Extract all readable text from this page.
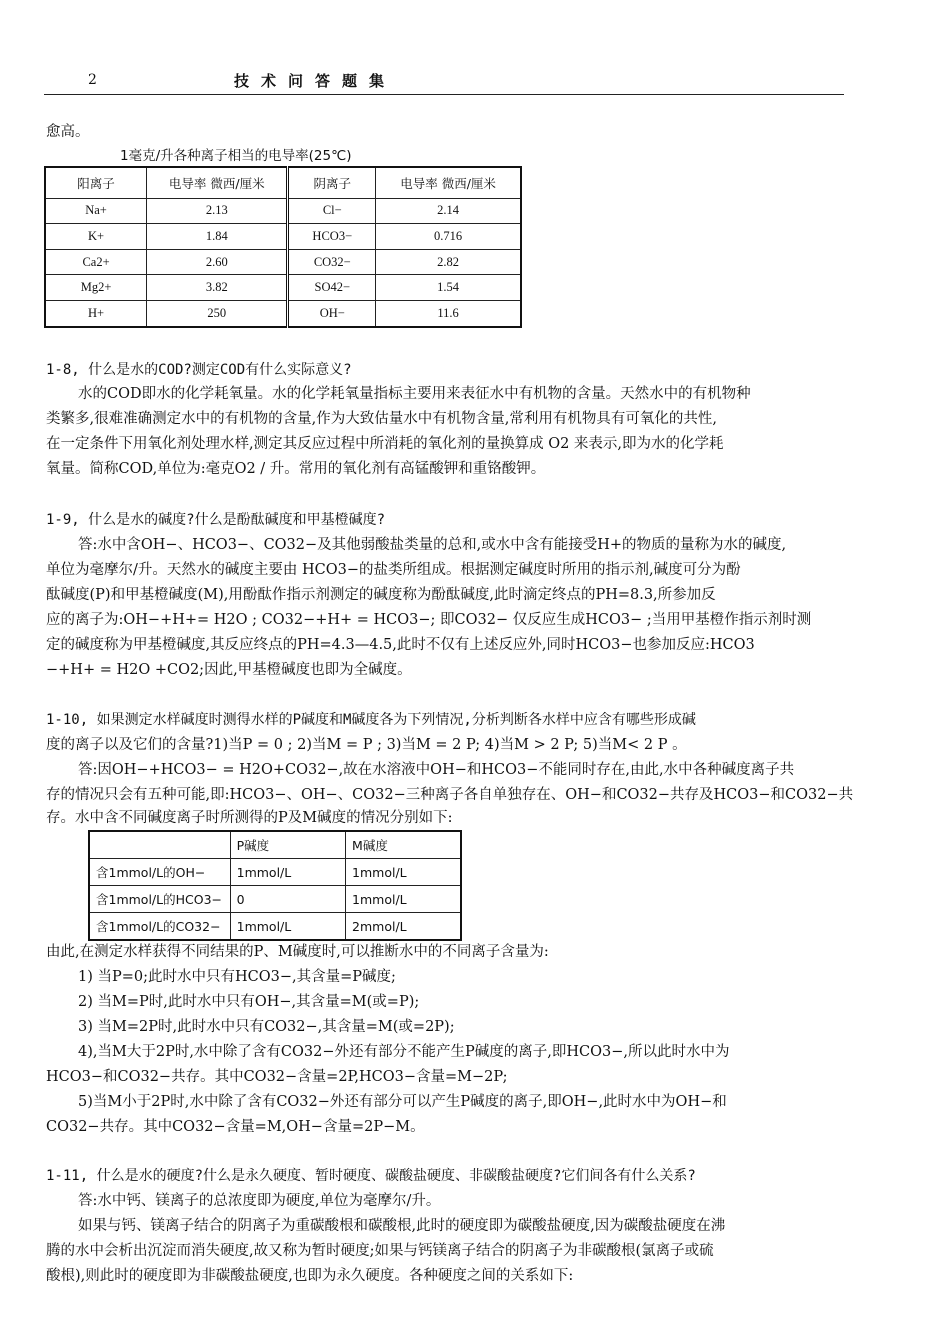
2	技术问答题集
愈高。
1毫克/升各种离子相当的电导率(25℃)
阳离子	电导率 微西/厘米	阴离子	电导率 微西/厘米
Na+	2.13	Cl−	2.14
K+	1.84	HCO3−	0.716
Ca2+	2.60	CO32−	2.82
Mg2+	3.82	SO42−	1.54
H+	250	OH−	11.6
1-8, 什么是水的COD?测定COD有什么实际意义?
水的COD即水的化学耗氧量。水的化学耗氧量指标主要用来表征水中有机物的含量。天然水中的有机物种
类繁多,很难准确测定水中的有机物的含量,作为大致估量水中有机物含量,常利用有机物具有可氧化的共性,
在一定条件下用氧化剂处理水样,测定其反应过程中所消耗的氧化剂的量换算成 O2 来表示,即为水的化学耗
氧量。简称COD,单位为:毫克O2 / 升。常用的氧化剂有高锰酸钾和重铬酸钾。
1-9, 什么是水的碱度?什么是酚酞碱度和甲基橙碱度?
答:水中含OH−、HCO3−、CO32−及其他弱酸盐类量的总和,或水中含有能接受H+的物质的量称为水的碱度,
单位为毫摩尔/升。天然水的碱度主要由 HCO3−的盐类所组成。根据测定碱度时所用的指示剂,碱度可分为酚
酞碱度(P)和甲基橙碱度(M),用酚酞作指示剂测定的碱度称为酚酞碱度,此时滴定终点的PH=8.3,所参加反
应的离子为:OH−+H+= H2O ; CO32−+H+ = HCO3−; 即CO32− 仅反应生成HCO3− ;当用甲基橙作指示剂时测
定的碱度称为甲基橙碱度,其反应终点的PH=4.3—4.5,此时不仅有上述反应外,同时HCO3−也参加反应:HCO3
−+H+ = H2O +CO2;因此,甲基橙碱度也即为全碱度。
1-10, 如果测定水样碱度时测得水样的P碱度和M碱度各为下列情况,分析判断各水样中应含有哪些形成碱
度的离子以及它们的含量?1)当P = 0 ; 2)当M = P ; 3)当M = 2 P; 4)当M > 2 P; 5)当M< 2 P 。
答:因OH−+HCO3− = H2O+CO32−,故在水溶液中OH−和HCO3−不能同时存在,由此,水中各种碱度离子共
存的情况只会有五种可能,即:HCO3−、OH−、CO32−三种离子各自单独存在、OH−和CO32−共存及HCO3−和CO32−共
存。水中含不同碱度离子时所测得的P及M碱度的情况分别如下:
	P碱度	M碱度
含1mmol/L的OH−	1mmol/L	1mmol/L
含1mmol/L的HCO3−	0	1mmol/L
含1mmol/L的CO32−	1mmol/L	2mmol/L
由此,在测定水样获得不同结果的P、M碱度时,可以推断水中的不同离子含量为:
1) 当P=0;此时水中只有HCO3−,其含量=P碱度;
2) 当M=P时,此时水中只有OH−,其含量=M(或=P);
3) 当M=2P时,此时水中只有CO32−,其含量=M(或=2P);
4),当M大于2P时,水中除了含有CO32−外还有部分不能产生P碱度的离子,即HCO3−,所以此时水中为
HCO3−和CO32−共存。其中CO32−含量=2P,HCO3−含量=M−2P;
5)当M小于2P时,水中除了含有CO32−外还有部分可以产生P碱度的离子,即OH−,此时水中为OH−和
CO32−共存。其中CO32−含量=M,OH−含量=2P−M。
1-11, 什么是水的硬度?什么是永久硬度、暂时硬度、碳酸盐硬度、非碳酸盐硬度?它们间各有什么关系?
答:水中钙、镁离子的总浓度即为硬度,单位为毫摩尔/升。
如果与钙、镁离子结合的阴离子为重碳酸根和碳酸根,此时的硬度即为碳酸盐硬度,因为碳酸盐硬度在沸
腾的水中会析出沉淀而消失硬度,故又称为暂时硬度;如果与钙镁离子结合的阴离子为非碳酸根(氯离子或硫
酸根),则此时的硬度即为非碳酸盐硬度,也即为永久硬度。各种硬度之间的关系如下:
